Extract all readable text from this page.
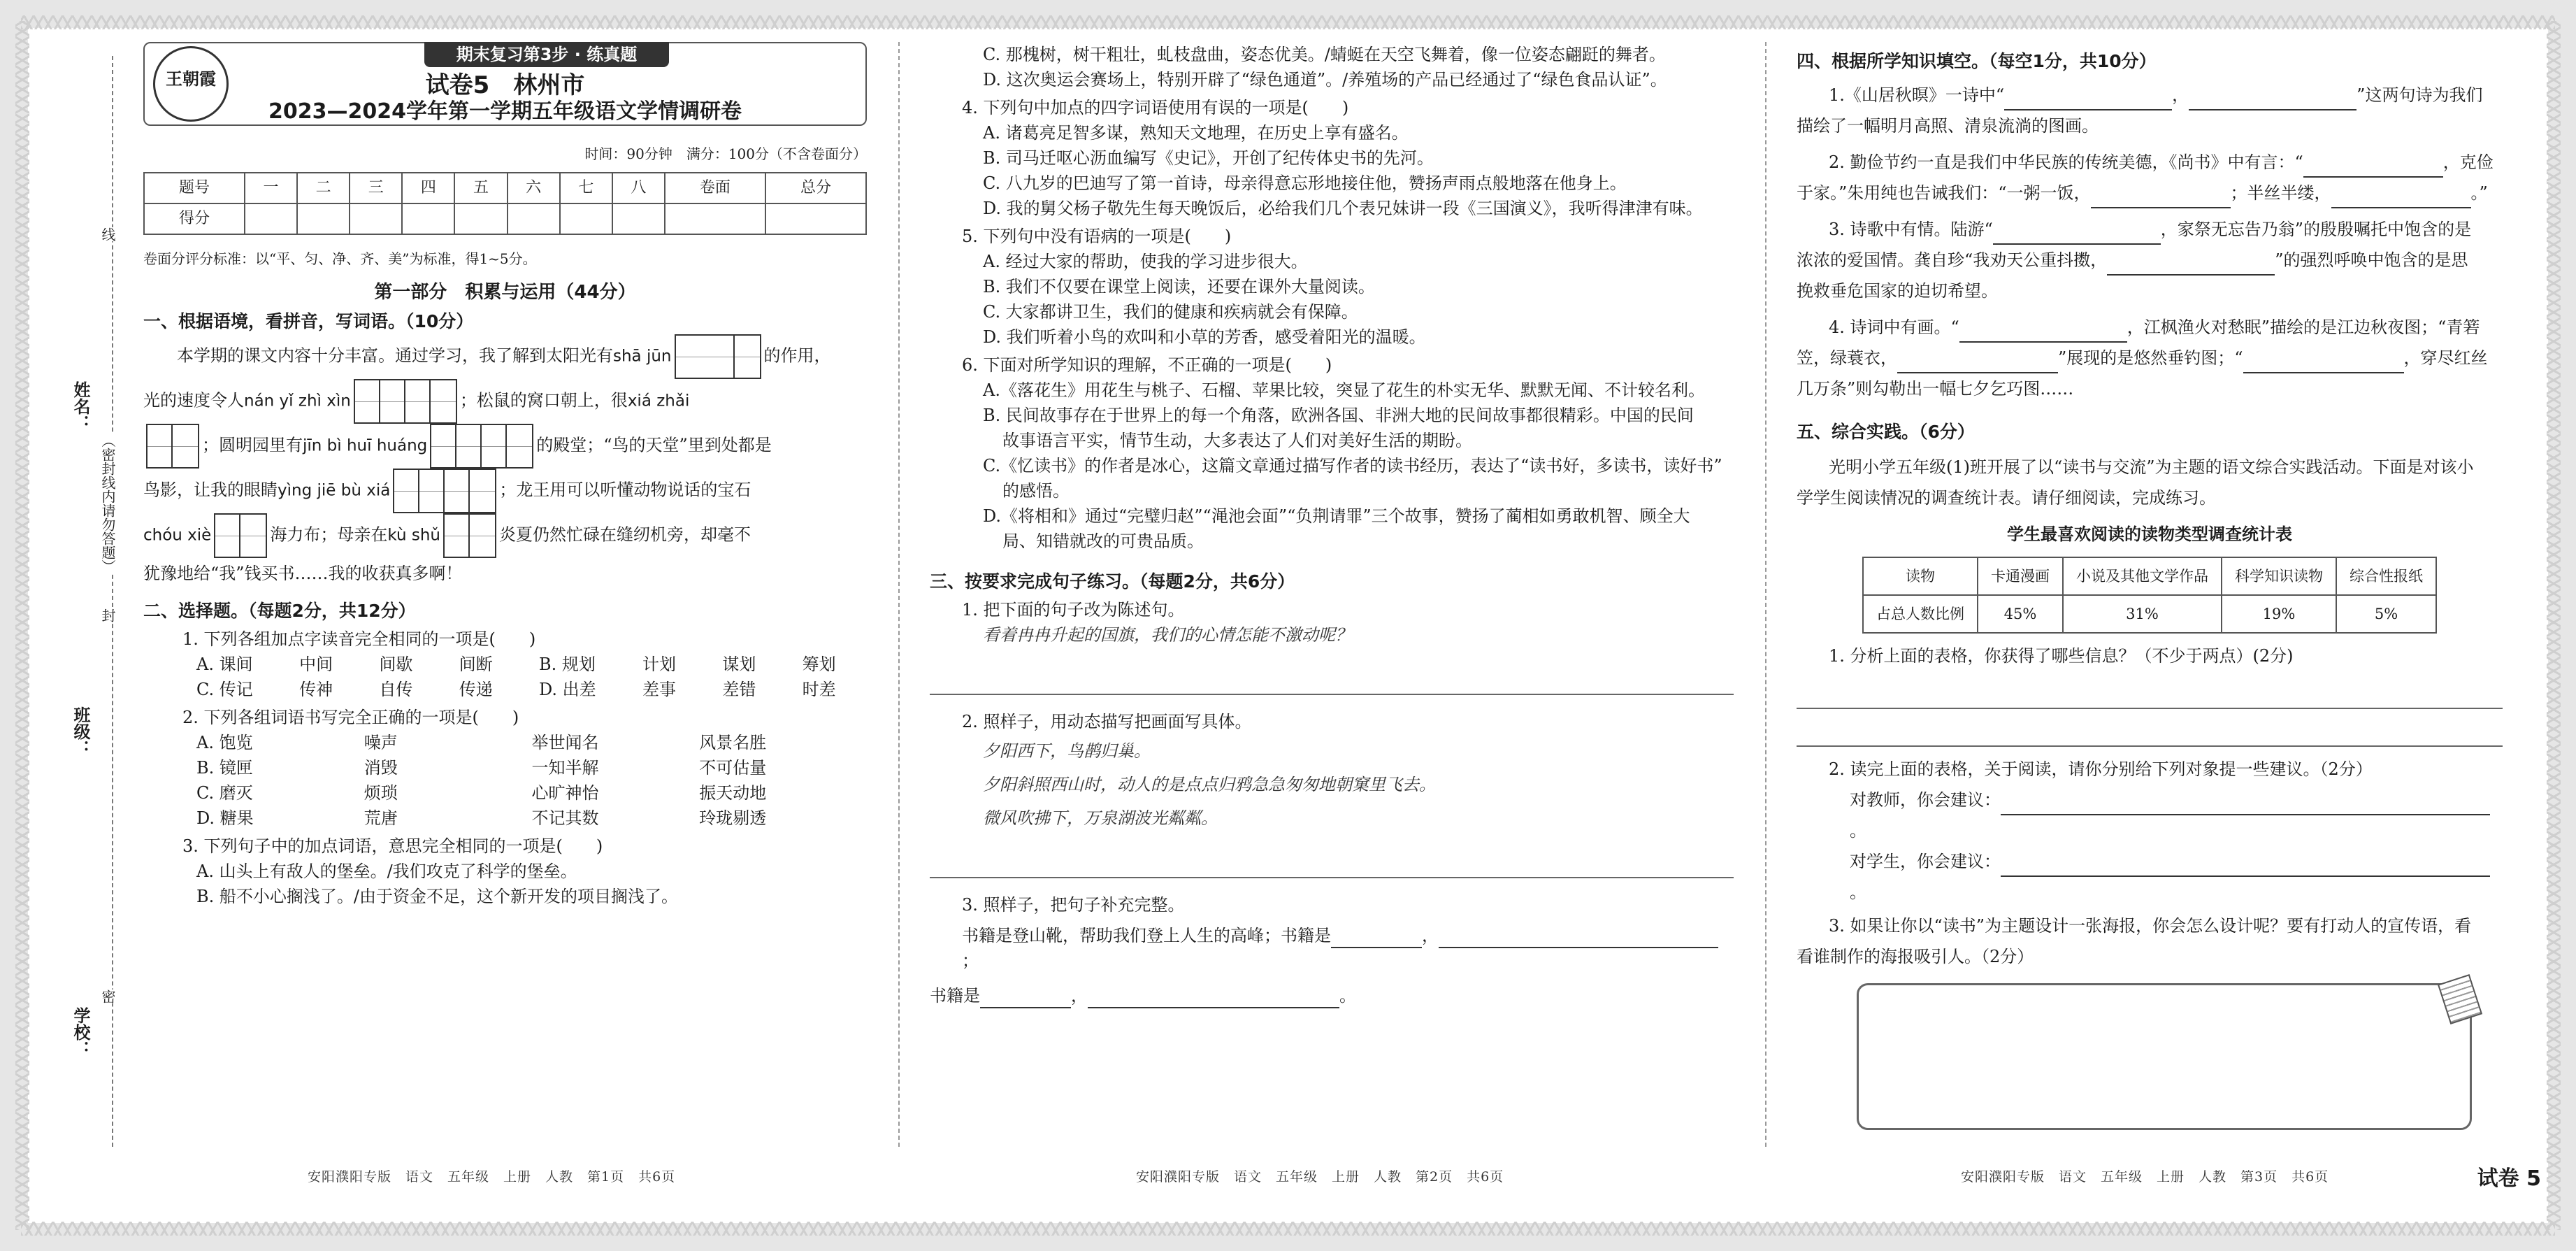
姓名：
班级：
学校：
线
封
密
（密封线内请勿答题）
王朝霞
期末复习第3步 · 练真题
试卷5　林州市
2023—2024学年第一学期五年级语文学情调研卷
时间：90分钟　满分：100分（不含卷面分）
题号	一	二	三	四	五	六	七	八	卷面	总分
得分										
卷面分评分标准：以“平、匀、净、齐、美”为标准，得1~5分。
第一部分　积累与运用（44分）
一、根据语境，看拼音，写词语。（10分）
本学期的课文内容十分丰富。通过学习，我了解到太阳光有shā jūn	的作用，
光的速度令人nán yǐ zhì xìn	；松鼠的窝口朝上，很xiá zhǎi
；圆明园里有jīn bì huī huáng	的殿堂；“鸟的天堂”里到处都是
鸟影，让我的眼睛yìng jiē bù xiá	；龙王用可以听懂动物说话的宝石
chóu xiè	海力布；母亲在kù shǔ	炎夏仍然忙碌在缝纫机旁，却毫不
犹豫地给“我”钱买书……我的收获真多啊！
二、选择题。（每题2分，共12分）
1. 下列各组加点字读音完全相同的一项是(　　)
A. 课间	中间	间歇	间断	B. 规划	计划	谋划	筹划
C. 传记	传神	自传	传递	D. 出差	差事	差错	时差
2. 下列各组词语书写完全正确的一项是(　　)
A. 饱览	噪声	举世闻名	风景名胜
B. 镜匣	消毁	一知半解	不可估量
C. 磨灭	烦琐	心旷神怡	振天动地
D. 糖果	荒唐	不记其数	玲珑剔透
3. 下列句子中的加点词语，意思完全相同的一项是(　　)
A. 山头上有敌人的堡垒。/我们攻克了科学的堡垒。
B. 船不小心搁浅了。/由于资金不足，这个新开发的项目搁浅了。
安阳濮阳专版　语文　五年级　上册　人教　第1页　共6页
C. 那槐树，树干粗壮，虬枝盘曲，姿态优美。/蜻蜓在天空飞舞着，像一位姿态翩跹的舞者。
D. 这次奥运会赛场上，特别开辟了“绿色通道”。/养殖场的产品已经通过了“绿色食品认证”。
4. 下列句中加点的四字词语使用有误的一项是(　　)
A. 诸葛亮足智多谋，熟知天文地理，在历史上享有盛名。
B. 司马迁呕心沥血编写《史记》，开创了纪传体史书的先河。
C. 八九岁的巴迪写了第一首诗，母亲得意忘形地接住他，赞扬声雨点般地落在他身上。
D. 我的舅父杨子敬先生每天晚饭后，必给我们几个表兄妹讲一段《三国演义》，我听得津津有味。
5. 下列句中没有语病的一项是(　　)
A. 经过大家的帮助，使我的学习进步很大。
B. 我们不仅要在课堂上阅读，还要在课外大量阅读。
C. 大家都讲卫生，我们的健康和疾病就会有保障。
D. 我们听着小鸟的欢叫和小草的芳香，感受着阳光的温暖。
6. 下面对所学知识的理解，不正确的一项是(　　)
A.《落花生》用花生与桃子、石榴、苹果比较，突显了花生的朴实无华、默默无闻、不计较名利。
B. 民间故事存在于世界上的每一个角落，欧洲各国、非洲大地的民间故事都很精彩。中国的民间
故事语言平实，情节生动，大多表达了人们对美好生活的期盼。
C.《忆读书》的作者是冰心，这篇文章通过描写作者的读书经历，表达了“读书好，多读书，读好书”
的感悟。
D.《将相和》通过“完璧归赵”“渑池会面”“负荆请罪”三个故事，赞扬了蔺相如勇敢机智、顾全大
局、知错就改的可贵品质。
三、按要求完成句子练习。（每题2分，共6分）
1. 把下面的句子改为陈述句。
看着冉冉升起的国旗，我们的心情怎能不激动呢？
2. 照样子，用动态描写把画面写具体。
夕阳西下，鸟鹊归巢。
夕阳斜照西山时，动人的是点点归鸦急急匆匆地朝窠里飞去。
微风吹拂下，万泉湖波光粼粼。
3. 照样子，把句子补充完整。
书籍是登山靴，帮助我们登上人生的高峰；书籍是	，；
书籍是	，	。
安阳濮阳专版　语文　五年级　上册　人教　第2页　共6页
四、根据所学知识填空。（每空1分，共10分）
1.《山居秋暝》一诗中“	，	”这两句诗为我们
描绘了一幅明月高照、清泉流淌的图画。
2. 勤俭节约一直是我们中华民族的传统美德，《尚书》中有言：“	，克俭
于家。”朱用纯也告诫我们：“一粥一饭，	；半丝半缕，	。”
3. 诗歌中有情。陆游“	，家祭无忘告乃翁”的殷殷嘱托中饱含的是
浓浓的爱国情。龚自珍“我劝天公重抖擞，	”的强烈呼唤中饱含的是思
挽救垂危国家的迫切希望。
4. 诗词中有画。“	，江枫渔火对愁眠”描绘的是江边秋夜图；“青箬
笠，绿蓑衣，	”展现的是悠然垂钓图；“	，穿尽红丝
几万条”则勾勒出一幅七夕乞巧图……
五、综合实践。（6分）
光明小学五年级(1)班开展了以“读书与交流”为主题的语文综合实践活动。下面是对该小
学学生阅读情况的调查统计表。请仔细阅读，完成练习。
学生最喜欢阅读的读物类型调查统计表
读物	卡通漫画	小说及其他文学作品	科学知识读物	综合性报纸
占总人数比例	45%	31%	19%	5%
1. 分析上面的表格，你获得了哪些信息？（不少于两点）(2分)
2. 读完上面的表格，关于阅读，请你分别给下列对象提一些建议。（2分）
对教师，你会建议：。
对学生，你会建议：。
3. 如果让你以“读书”为主题设计一张海报，你会怎么设计呢？要有打动人的宣传语，看
看谁制作的海报吸引人。（2分）
安阳濮阳专版　语文　五年级　上册　人教　第3页　共6页	试卷 5
